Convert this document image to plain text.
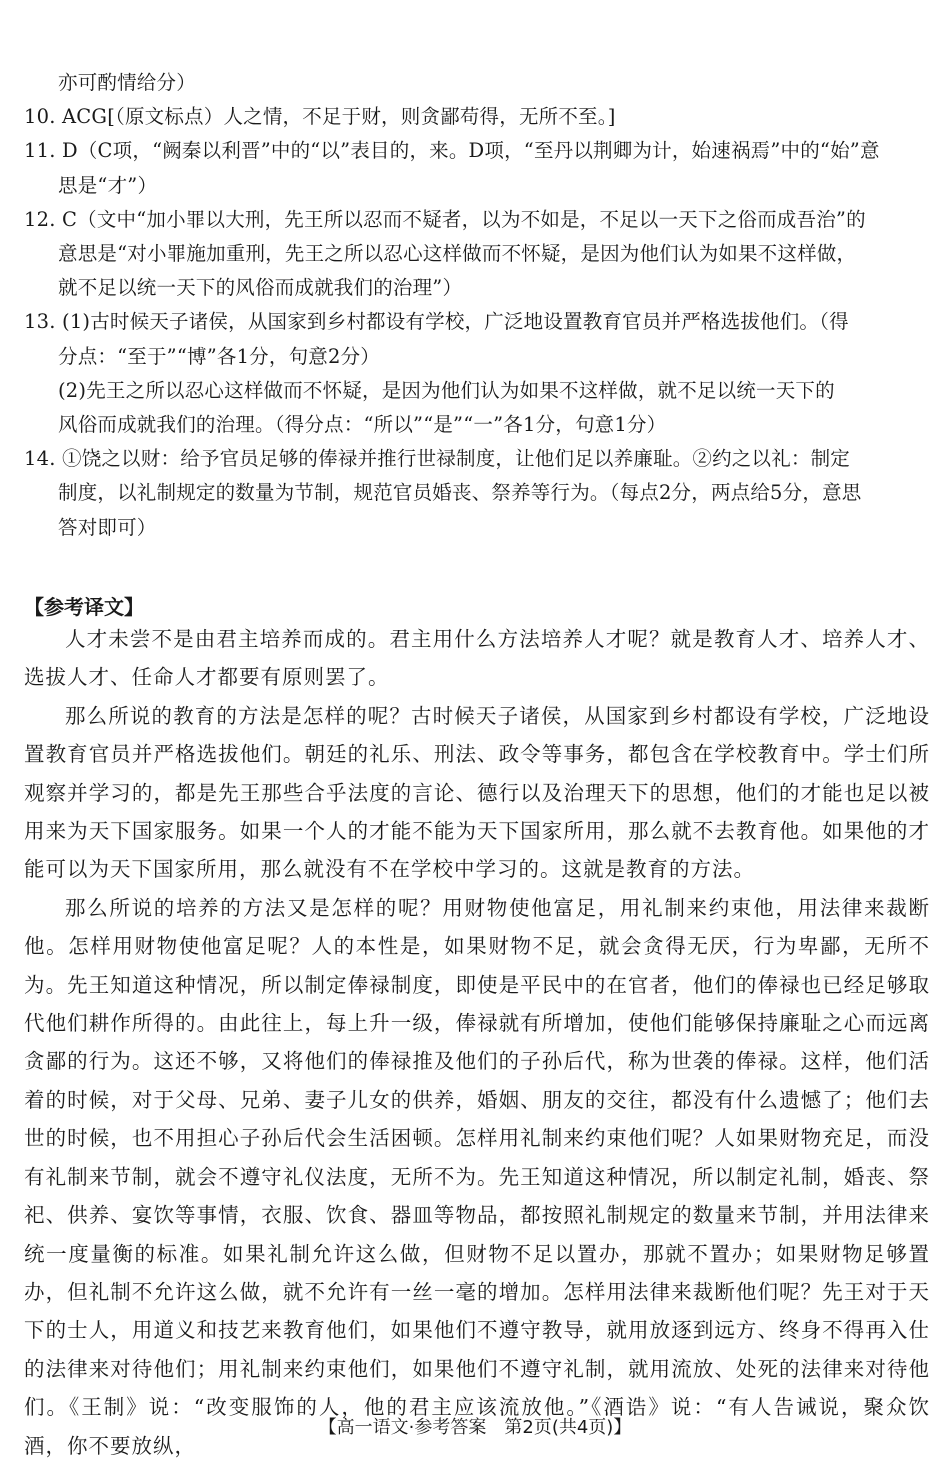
亦可酌情给分）
10. ACG[（原文标点）人之情，不足于财，则贪鄙苟得，无所不至。]
11. D（C项，“阙秦以利晋”中的“以”表目的，来。D项，“至丹以荆卿为计，始速祸焉”中的“始”意
思是“才”）
12. C（文中“加小罪以大刑，先王所以忍而不疑者，以为不如是，不足以一天下之俗而成吾治”的
意思是“对小罪施加重刑，先王之所以忍心这样做而不怀疑，是因为他们认为如果不这样做，
就不足以统一天下的风俗而成就我们的治理”）
13. (1)古时候天子诸侯，从国家到乡村都设有学校，广泛地设置教育官员并严格选拔他们。（得
分点：“至于”“博”各1分，句意2分）
(2)先王之所以忍心这样做而不怀疑，是因为他们认为如果不这样做，就不足以统一天下的
风俗而成就我们的治理。（得分点：“所以”“是”“一”各1分，句意1分）
14. ①饶之以财：给予官员足够的俸禄并推行世禄制度，让他们足以养廉耻。②约之以礼：制定
制度，以礼制规定的数量为节制，规范官员婚丧、祭养等行为。（每点2分，两点给5分，意思
答对即可）
【参考译文】

人才未尝不是由君主培养而成的。君主用什么方法培养人才呢？就是教育人才、培养人才、选拔人才、任命人才都要有原则罢了。

那么所说的教育的方法是怎样的呢？古时候天子诸侯，从国家到乡村都设有学校，广泛地设置教育官员并严格选拔他们。朝廷的礼乐、刑法、政令等事务，都包含在学校教育中。学士们所观察并学习的，都是先王那些合乎法度的言论、德行以及治理天下的思想，他们的才能也足以被用来为天下国家服务。如果一个人的才能不能为天下国家所用，那么就不去教育他。如果他的才能可以为天下国家所用，那么就没有不在学校中学习的。这就是教育的方法。

那么所说的培养的方法又是怎样的呢？用财物使他富足，用礼制来约束他，用法律来裁断他。怎样用财物使他富足呢？人的本性是，如果财物不足，就会贪得无厌，行为卑鄙，无所不为。先王知道这种情况，所以制定俸禄制度，即使是平民中的在官者，他们的俸禄也已经足够取代他们耕作所得的。由此往上，每上升一级，俸禄就有所增加，使他们能够保持廉耻之心而远离贪鄙的行为。这还不够，又将他们的俸禄推及他们的子孙后代，称为世袭的俸禄。这样，他们活着的时候，对于父母、兄弟、妻子儿女的供养，婚姻、朋友的交往，都没有什么遗憾了；他们去世的时候，也不用担心子孙后代会生活困顿。怎样用礼制来约束他们呢？人如果财物充足，而没有礼制来节制，就会不遵守礼仪法度，无所不为。先王知道这种情况，所以制定礼制，婚丧、祭祀、供养、宴饮等事情，衣服、饮食、器皿等物品，都按照礼制规定的数量来节制，并用法律来统一度量衡的标准。如果礼制允许这么做，但财物不足以置办，那就不置办；如果财物足够置办，但礼制不允许这么做，就不允许有一丝一毫的增加。怎样用法律来裁断他们呢？先王对于天下的士人，用道义和技艺来教育他们，如果他们不遵守教导，就用放逐到远方、终身不得再入仕的法律来对待他们；用礼制来约束他们，如果他们不遵守礼制，就用流放、处死的法律来对待他们。《王制》说：“改变服饰的人，他的君主应该流放他。”《酒诰》说：“有人告诫说，聚众饮酒，你不要放纵，

【高一语文·参考答案　第2页(共4页)】
